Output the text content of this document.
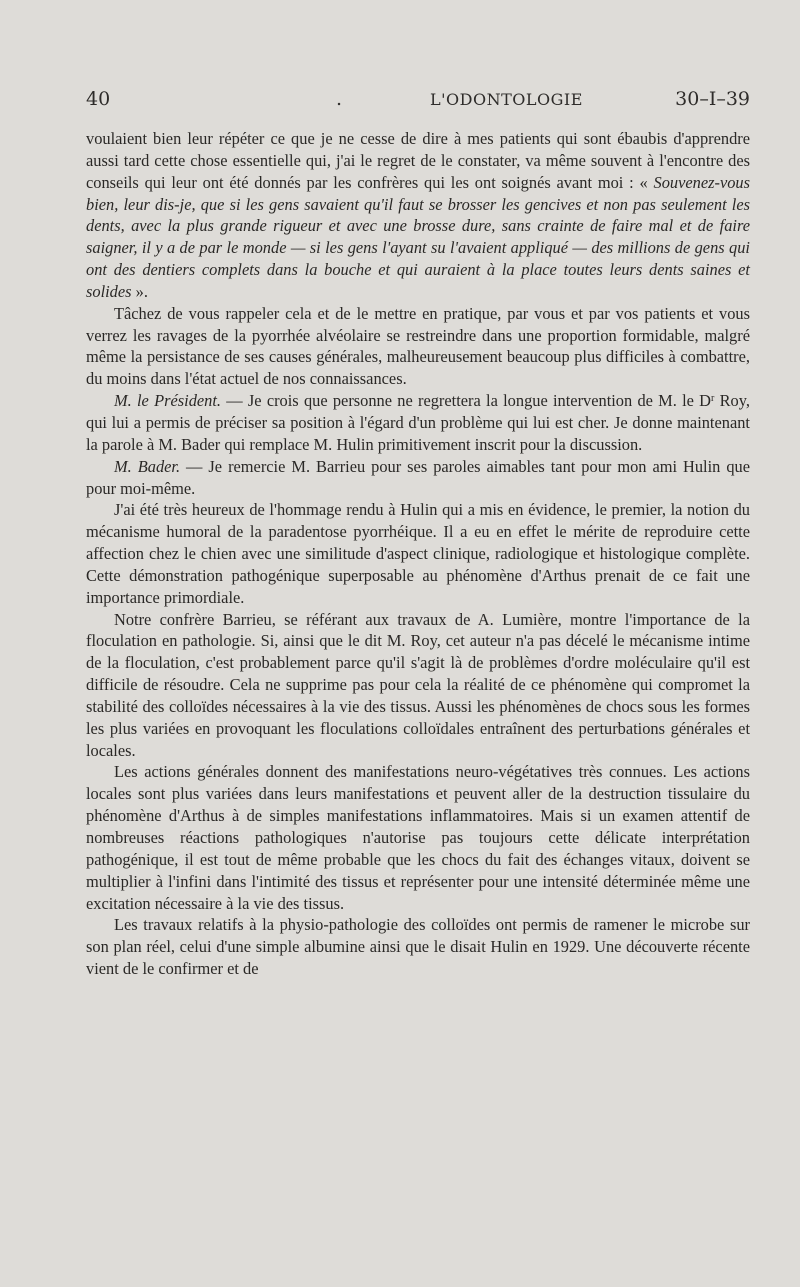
40	.	L'ODONTOLOGIE	30–I–39

voulaient bien leur répéter ce que je ne cesse de dire à mes patients qui sont ébaubis d'apprendre aussi tard cette chose essentielle qui, j'ai le regret de le constater, va même souvent à l'encontre des conseils qui leur ont été donnés par les confrères qui les ont soignés avant moi : « Souvenez-vous bien, leur dis-je, que si les gens savaient qu'il faut se brosser les gencives et non pas seulement les dents, avec la plus grande rigueur et avec une brosse dure, sans crainte de faire mal et de faire saigner, il y a de par le monde — si les gens l'ayant su l'avaient appliqué — des millions de gens qui ont des dentiers complets dans la bouche et qui auraient à la place toutes leurs dents saines et solides ».

Tâchez de vous rappeler cela et de le mettre en pratique, par vous et par vos patients et vous verrez les ravages de la pyorrhée alvéolaire se restreindre dans une proportion formidable, malgré même la persistance de ses causes générales, malheureusement beaucoup plus difficiles à combattre, du moins dans l'état actuel de nos connaissances.

M. le Président. — Je crois que personne ne regrettera la longue intervention de M. le $D^r$ Roy, qui lui a permis de préciser sa position à l'égard d'un problème qui lui est cher. Je donne maintenant la parole à M. Bader qui remplace M. Hulin primitivement inscrit pour la discussion.

M. Bader. — Je remercie M. Barrieu pour ses paroles aimables tant pour mon ami Hulin que pour moi-même.

J'ai été très heureux de l'hommage rendu à Hulin qui a mis en évidence, le premier, la notion du mécanisme humoral de la paradentose pyorrhéique. Il a eu en effet le mérite de reproduire cette affection chez le chien avec une similitude d'aspect clinique, radiologique et histologique complète. Cette démonstration pathogénique superposable au phénomène d'Arthus prenait de ce fait une importance primordiale.

Notre confrère Barrieu, se référant aux travaux de A. Lumière, montre l'importance de la floculation en pathologie. Si, ainsi que le dit M. Roy, cet auteur n'a pas décelé le mécanisme intime de la floculation, c'est probablement parce qu'il s'agit là de problèmes d'ordre moléculaire qu'il est difficile de résoudre. Cela ne supprime pas pour cela la réalité de ce phénomène qui compromet la stabilité des colloïdes nécessaires à la vie des tissus. Aussi les phénomènes de chocs sous les formes les plus variées en provoquant les floculations colloïdales entraînent des perturbations générales et locales.

Les actions générales donnent des manifestations neuro-végétatives très connues. Les actions locales sont plus variées dans leurs manifestations et peuvent aller de la destruction tissulaire du phénomène d'Arthus à de simples manifestations inflammatoires. Mais si un examen attentif de nombreuses réactions pathologiques n'autorise pas toujours cette délicate interprétation pathogénique, il est tout de même probable que les chocs du fait des échanges vitaux, doivent se multiplier à l'infini dans l'intimité des tissus et représenter pour une intensité déterminée même une excitation nécessaire à la vie des tissus.

Les travaux relatifs à la physio-pathologie des colloïdes ont permis de ramener le microbe sur son plan réel, celui d'une simple albumine ainsi que le disait Hulin en 1929. Une découverte récente vient de le confirmer et de
